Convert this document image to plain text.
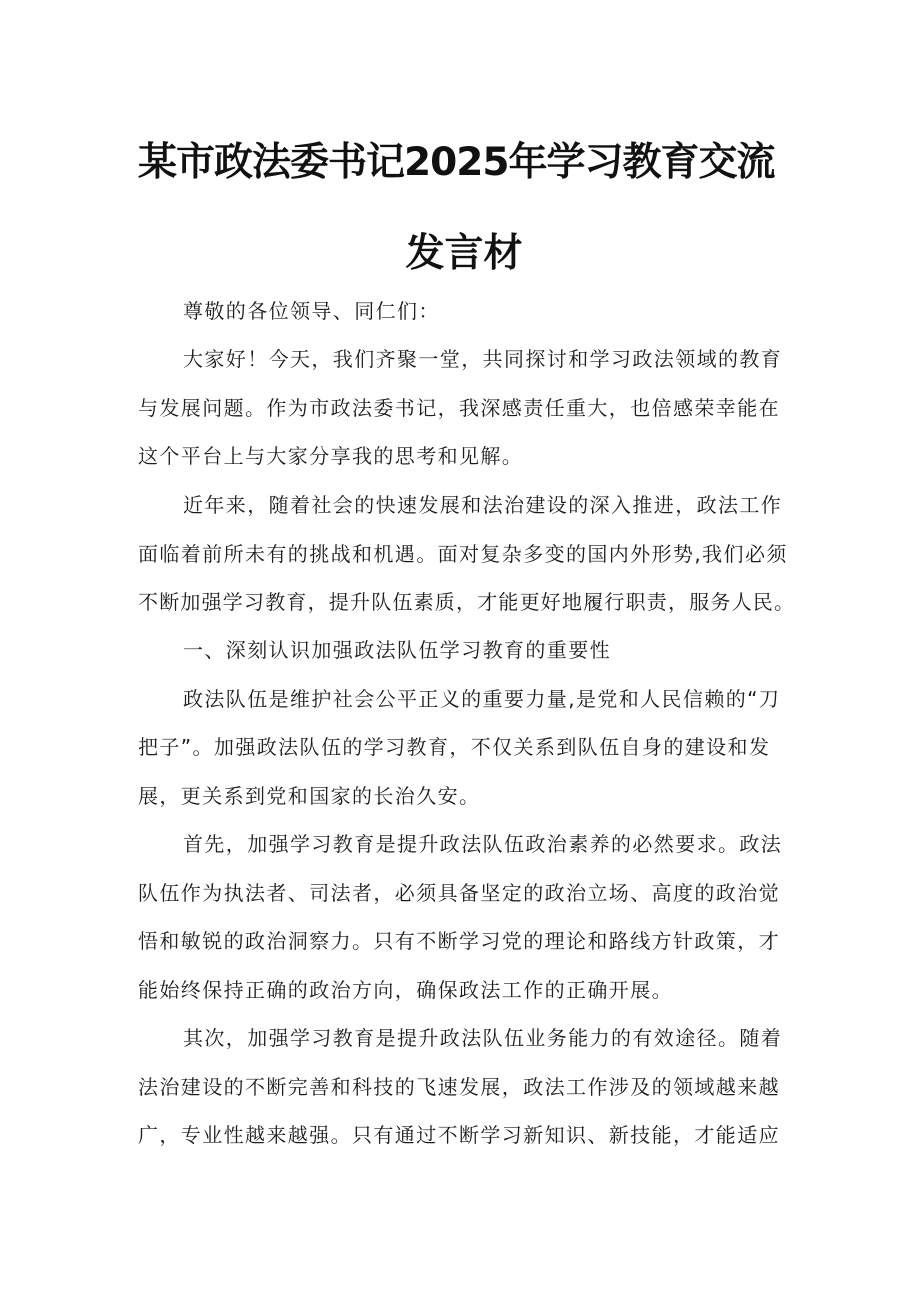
某市政法委书记2025年学习教育交流
发言材
尊敬的各位领导、同仁们：
大家好！今天，我们齐聚一堂，共同探讨和学习政法领域的教育
与发展问题。作为市政法委书记，我深感责任重大，也倍感荣幸能在
这个平台上与大家分享我的思考和见解。
近年来，随着社会的快速发展和法治建设的深入推进，政法工作
面临着前所未有的挑战和机遇。面对复杂多变的国内外形势,我们必须
不断加强学习教育，提升队伍素质，才能更好地履行职责，服务人民。
一、深刻认识加强政法队伍学习教育的重要性
政法队伍是维护社会公平正义的重要力量,是党和人民信赖的“刀
把子”。加强政法队伍的学习教育，不仅关系到队伍自身的建设和发
展，更关系到党和国家的长治久安。
首先，加强学习教育是提升政法队伍政治素养的必然要求。政法
队伍作为执法者、司法者，必须具备坚定的政治立场、高度的政治觉
悟和敏锐的政治洞察力。只有不断学习党的理论和路线方针政策，才
能始终保持正确的政治方向，确保政法工作的正确开展。
其次，加强学习教育是提升政法队伍业务能力的有效途径。随着
法治建设的不断完善和科技的飞速发展，政法工作涉及的领域越来越
广，专业性越来越强。只有通过不断学习新知识、新技能，才能适应
